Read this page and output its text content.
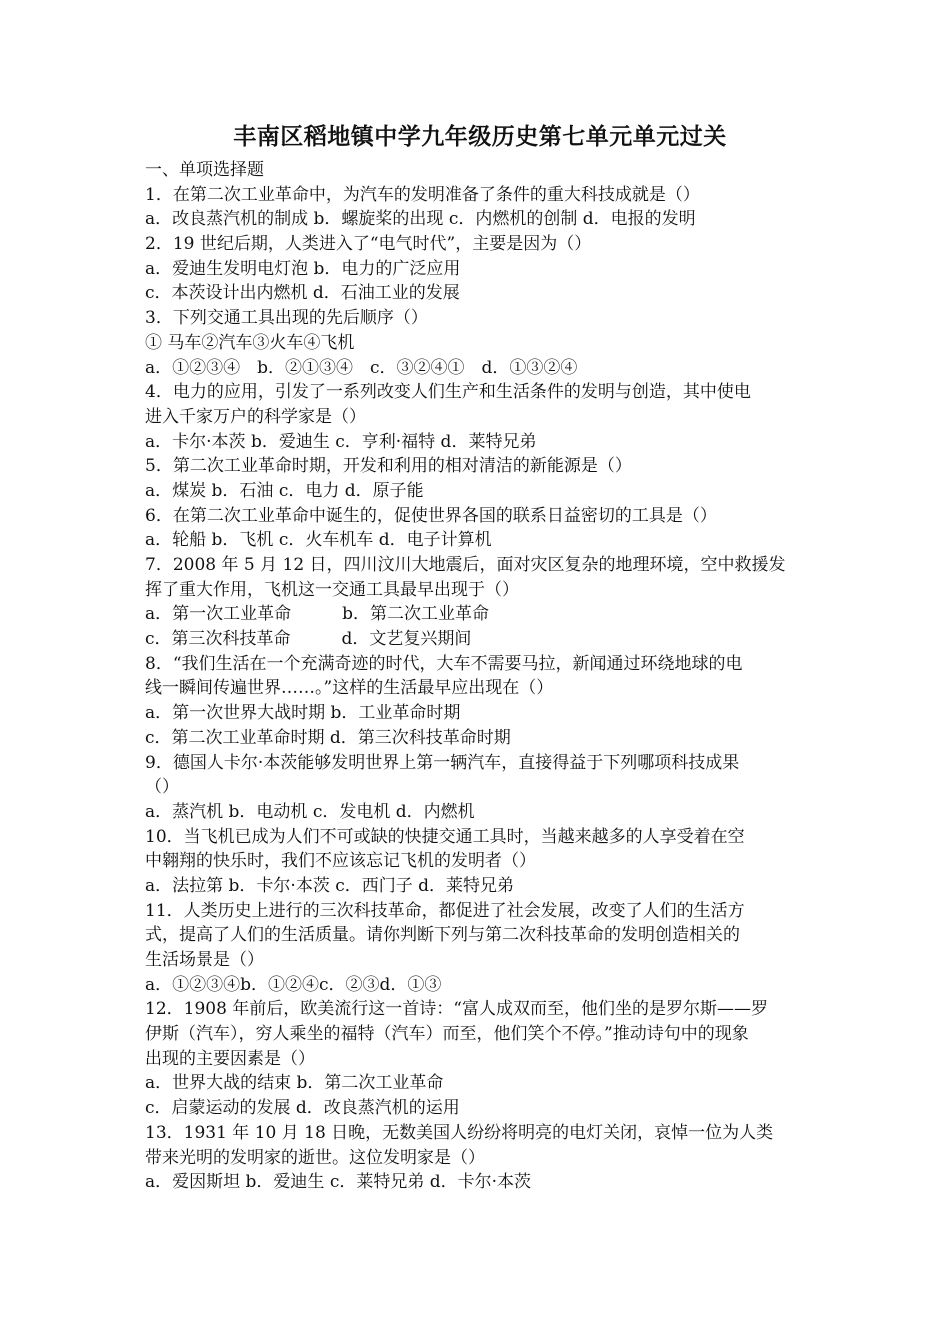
丰南区稻地镇中学九年级历史第七单元单元过关
一、单项选择题
1．在第二次工业革命中，为汽车的发明准备了条件的重大科技成就是（）
a．改良蒸汽机的制成 b．螺旋桨的出现 c．内燃机的创制 d．电报的发明
2．19 世纪后期，人类进入了“电气时代”，主要是因为（）
a．爱迪生发明电灯泡 b．电力的广泛应用
c．本茨设计出内燃机 d．石油工业的发展
3．下列交通工具出现的先后顺序（）
① 马车②汽车③火车④飞机
a．①②③④　b．②①③④　c．③②④①　d．①③②④
4．电力的应用，引发了一系列改变人们生产和生活条件的发明与创造，其中使电
进入千家万户的科学家是（）
a．卡尔·本茨 b．爱迪生 c．亨利·福特 d．莱特兄弟
5．第二次工业革命时期，开发和利用的相对清洁的新能源是（）
a．煤炭 b．石油 c．电力 d．原子能
6．在第二次工业革命中诞生的，促使世界各国的联系日益密切的工具是（）
a．轮船 b．飞机 c．火车机车 d．电子计算机
7．2008 年 5 月 12 日，四川汶川大地震后，面对灾区复杂的地理环境，空中救援发
挥了重大作用，飞机这一交通工具最早出现于（）
a．第一次工业革命　　　b．第二次工业革命
c．第三次科技革命　　　d．文艺复兴期间
8．“我们生活在一个充满奇迹的时代，大车不需要马拉，新闻通过环绕地球的电
线一瞬间传遍世界……。”这样的生活最早应出现在（）
a．第一次世界大战时期 b．工业革命时期
c．第二次工业革命时期 d．第三次科技革命时期
9．德国人卡尔·本茨能够发明世界上第一辆汽车，直接得益于下列哪项科技成果
（）
a．蒸汽机 b．电动机 c．发电机 d．内燃机
10．当飞机已成为人们不可或缺的快捷交通工具时，当越来越多的人享受着在空
中翱翔的快乐时，我们不应该忘记飞机的发明者（）
a．法拉第 b．卡尔·本茨 c．西门子 d．莱特兄弟
11．人类历史上进行的三次科技革命，都促进了社会发展，改变了人们的生活方
式，提高了人们的生活质量。请你判断下列与第二次科技革命的发明创造相关的
生活场景是（）
a．①②③④b．①②④c．②③d．①③
12．1908 年前后，欧美流行这一首诗：“富人成双而至，他们坐的是罗尔斯——罗
伊斯（汽车），穷人乘坐的福特（汽车）而至，他们笑个不停。”推动诗句中的现象
出现的主要因素是（）
a．世界大战的结束 b．第二次工业革命
c．启蒙运动的发展 d．改良蒸汽机的运用
13．1931 年 10 月 18 日晚，无数美国人纷纷将明亮的电灯关闭，哀悼一位为人类
带来光明的发明家的逝世。这位发明家是（）
a．爱因斯坦 b．爱迪生 c．莱特兄弟 d．卡尔·本茨
